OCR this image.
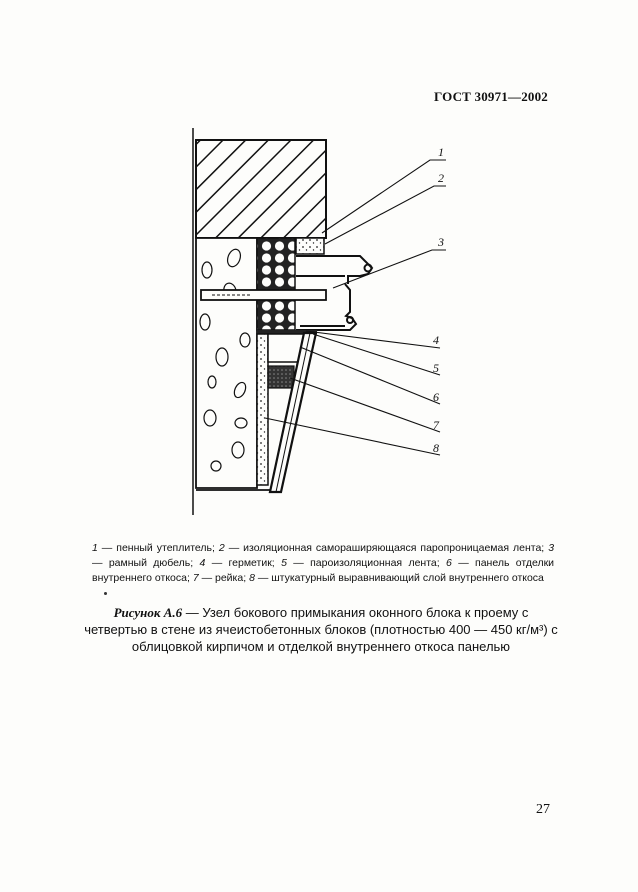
ГОСТ 30971—2002
1
2
3
4
5
6
7
8
1 — пенный утеплитель; 2 — изоляционная самораширяющаяся паропроницаемая лента; 3 — рамный дюбель; 4 — герметик; 5 — пароизоляционная лента; 6 — панель отделки внутреннего откоса; 7 — рейка; 8 — штукатурный выравнивающий слой внутреннего откоса
Рисунок А.6 — Узел бокового примыкания оконного блока к проему с четвертью в стене из ячеистобетонных блоков (плотностью 400 — 450 кг/м³) с облицовкой кирпичом и отделкой внутреннего откоса панелью
27
